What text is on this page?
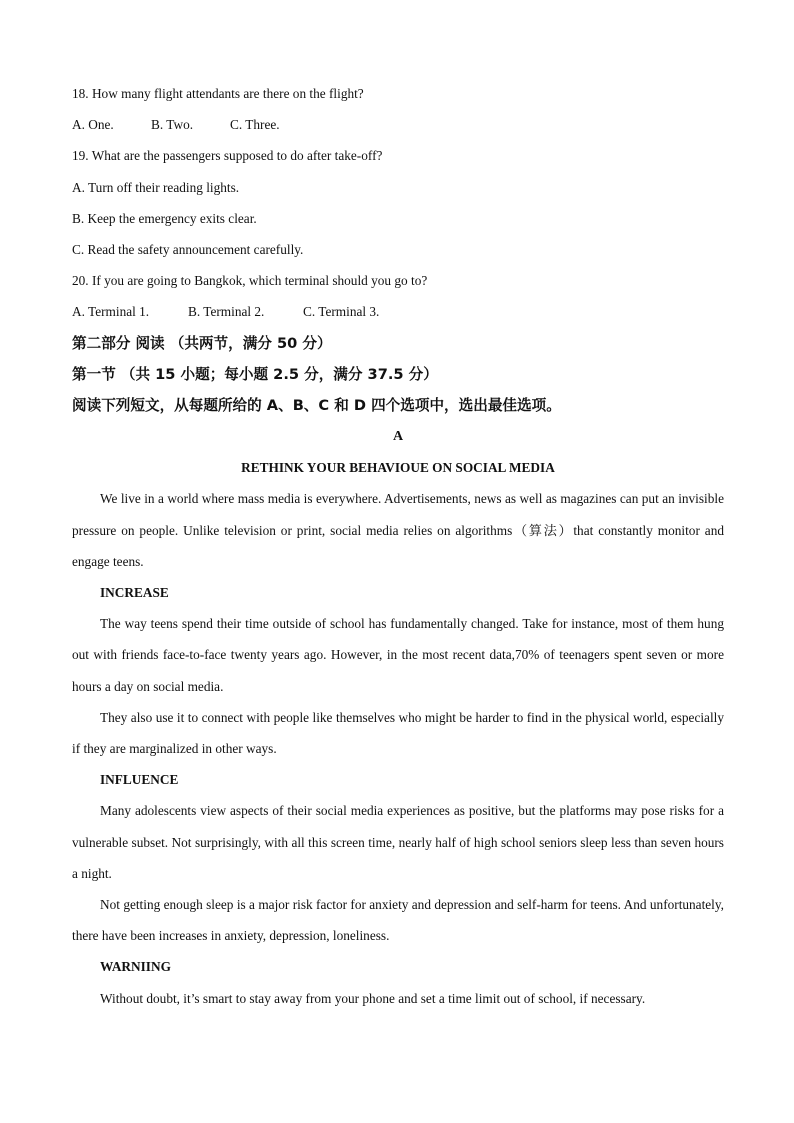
18. How many flight attendants are there on the flight?
A. One.	B. Two.	C. Three.
19. What are the passengers supposed to do after take-off?
A. Turn off their reading lights.
B. Keep the emergency exits clear.
C. Read the safety announcement carefully.
20. If you are going to Bangkok, which terminal should you go to?
A. Terminal 1.	B. Terminal 2.	C. Terminal 3.
第二部分 阅读 （共两节，满分 50 分）
第一节 （共 15 小题；每小题 2.5 分，满分 37.5 分）
阅读下列短文，从每题所给的 A、B、C 和 D 四个选项中，选出最佳选项。
A
RETHINK YOUR BEHAVIOUE ON SOCIAL MEDIA

We live in a world where mass media is everywhere. Advertisements, news as well as magazines can put an invisible pressure on people. Unlike television or print, social media relies on algorithms（算法）that constantly monitor and engage teens.

INCREASE

The way teens spend their time outside of school has fundamentally changed. Take for instance, most of them hung out with friends face-to-face twenty years ago. However, in the most recent data,70% of teenagers spent seven or more hours a day on social media.

They also use it to connect with people like themselves who might be harder to find in the physical world, especially if they are marginalized in other ways.

INFLUENCE

Many adolescents view aspects of their social media experiences as positive, but the platforms may pose risks for a vulnerable subset. Not surprisingly, with all this screen time, nearly half of high school seniors sleep less than seven hours a night.

Not getting enough sleep is a major risk factor for anxiety and depression and self-harm for teens. And unfortunately, there have been increases in anxiety, depression, loneliness.

WARNIING

Without doubt, it’s smart to stay away from your phone and set a time limit out of school, if necessary.
